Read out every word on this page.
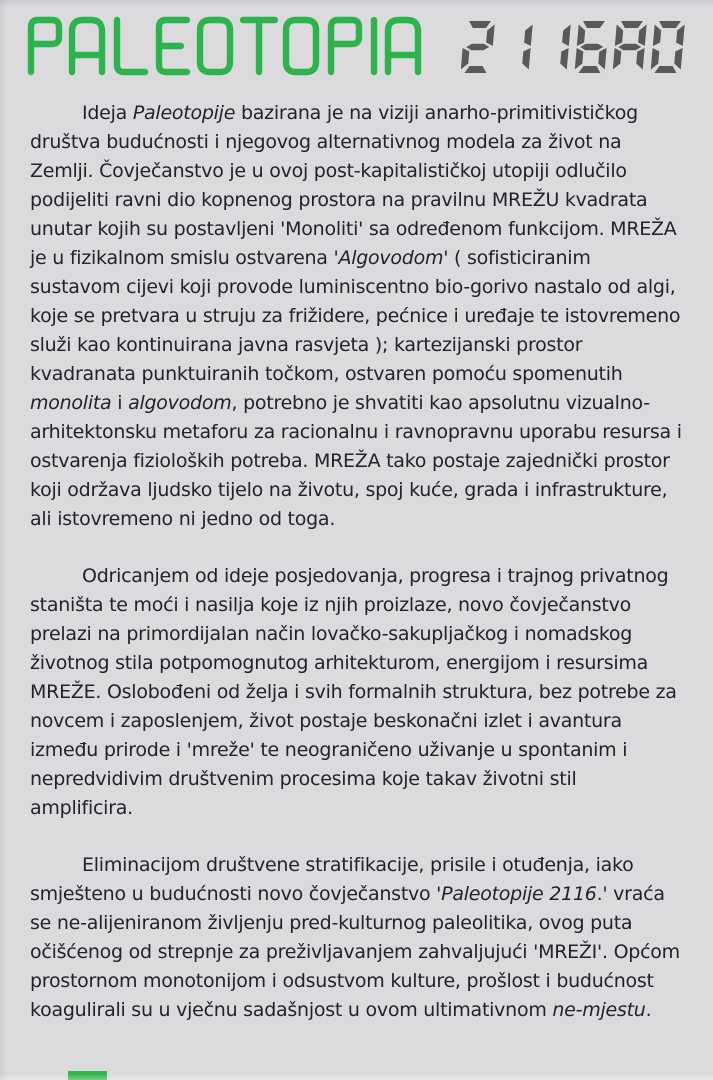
Ideja Paleotopije bazirana je na viziji anarho-primitivističkog društva budućnosti i njegovog alternativnog modela za život na Zemlji. Čovječanstvo je u ovoj post-kapitalističkoj utopiji odlučilo podijeliti ravni dio kopnenog prostora na pravilnu MREŽU kvadrata unutar kojih su postavljeni 'Monoliti' sa određenom funkcijom. MREŽA je u fizikalnom smislu ostvarena 'Algovodom' ( sofisticiranim sustavom cijevi koji provode luminiscentno bio-gorivo nastalo od algi, koje se pretvara u struju za frižidere, pećnice i uređaje te istovremeno služi kao kontinuirana javna rasvjeta ); kartezijanski prostor kvadranata punktuiranih točkom, ostvaren pomoću spomenutih monolita i algovodom, potrebno je shvatiti kao apsolutnu vizualno-arhitektonsku metaforu za racionalnu i ravnopravnu uporabu resursa i ostvarenja fizioloških potreba. MREŽA tako postaje zajednički prostor koji održava ljudsko tijelo na životu, spoj kuće, grada i infrastrukture, ali istovremeno ni jedno od toga.

Odricanjem od ideje posjedovanja, progresa i trajnog privatnog staništa te moći i nasilja koje iz njih proizlaze, novo čovječanstvo prelazi na primordijalan način lovačko-sakupljačkog i nomadskog životnog stila potpomognutog arhitekturom, energijom i resursima MREŽE. Oslobođeni od želja i svih formalnih struktura, bez potrebe za novcem i zaposlenjem, život postaje beskonačni izlet i avantura između prirode i 'mreže' te neograničeno uživanje u spontanim i nepredvidivim društvenim procesima koje takav životni stil amplificira.

Eliminacijom društvene stratifikacije, prisile i otuđenja, iako smješteno u budućnosti novo čovječanstvo 'Paleotopije 2116.' vraća se ne-alijeniranom življenju pred-kulturnog paleolitika, ovog puta očišćenog od strepnje za preživljavanjem zahvaljujući 'MREŽI'. Općom prostornom monotonijom i odsustvom kulture, prošlost i budućnost koagulirali su u vječnu sadašnjost u ovom ultimativnom ne-mjestu.
